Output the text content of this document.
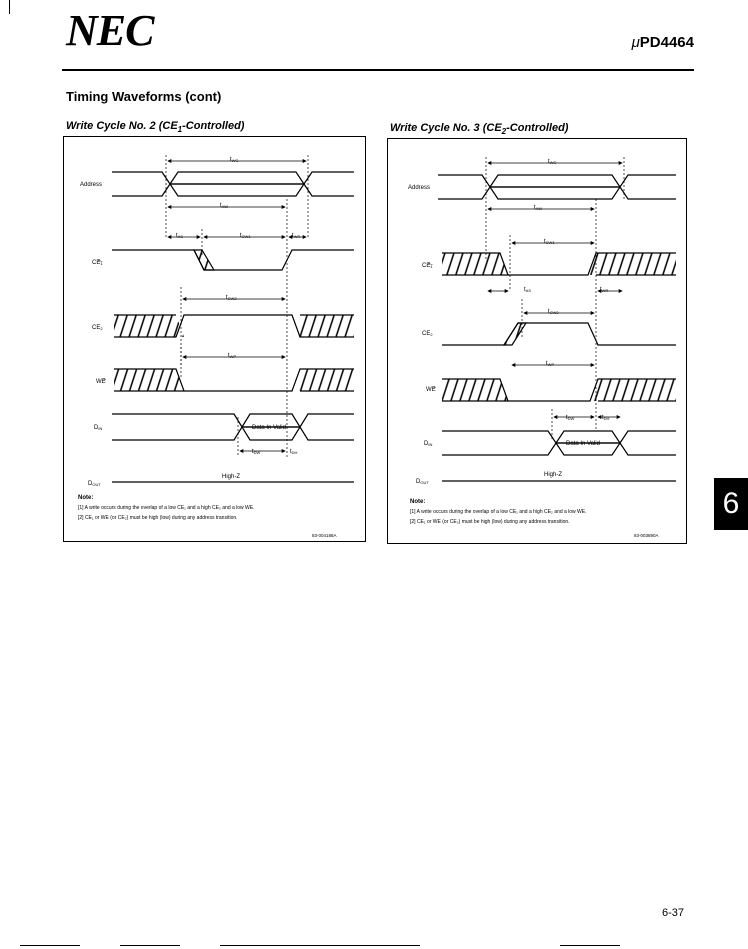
NEC	μPD4464
Timing Waveforms (cont)
Write Cycle No. 2 $(CE_1-Controlled)$
Address
CE1
CE2
WE
DIN
DOUT
tWC
tAW
tAS	tCW1	tWR
tCW2
tWP
tDW	tDH
Data In Valid
High-Z
Note:
[1] A write occurs during the overlap of a low CE₁ and a high CE₂ and a low WE.
[2] CE₁ or WE (or CE₂) must be high (low) during any address transition.
83-004188A
Write Cycle No. 3 $(CE_2-Controlled)$
Address
CE1
CE2
WE
DIN
DOUT
tWC
tAW
tCW1
tAS	tWR
tCW2
tWP
tDW	tDH
Data In Valid
High-Z
Note:
[1] A write occurs during the overlap of a low CE₁ and a high CE₂ and a low WE.
[2] CE₁ or WE (or CE₂) must be high (low) during any address transition.
83-003890A
6
6-37
